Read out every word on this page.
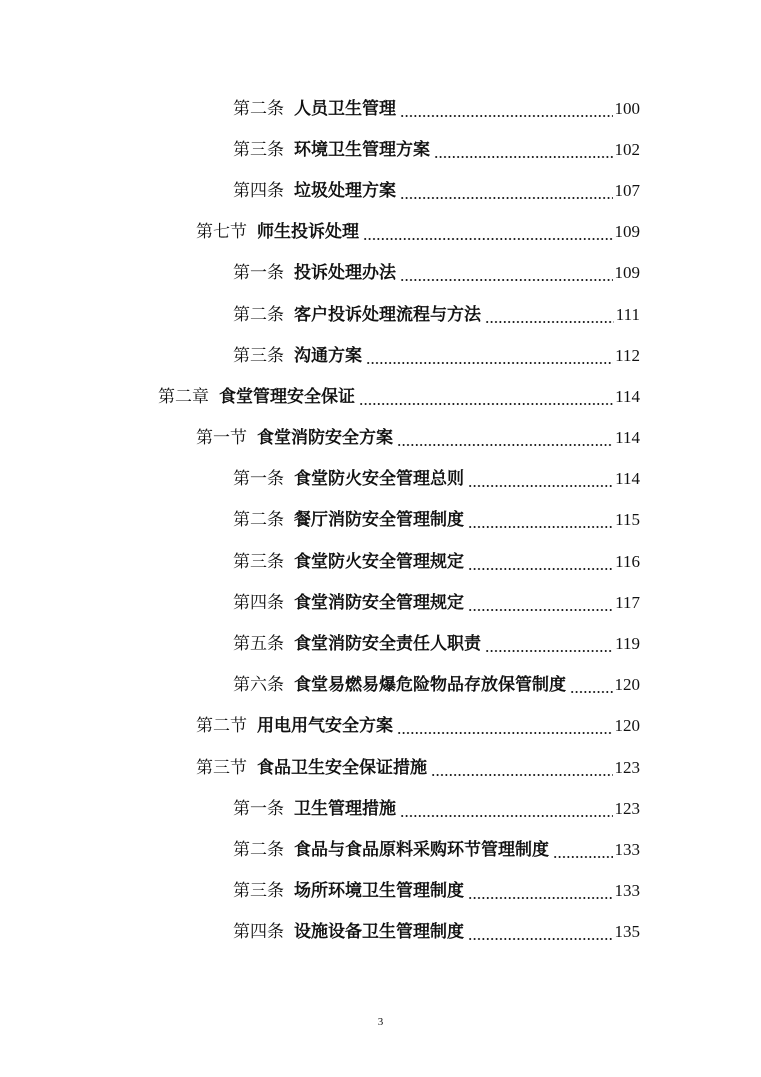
第二条 人员卫生管理	100
第三条 环境卫生管理方案	102
第四条 垃圾处理方案	107
第七节 师生投诉处理	109
第一条 投诉处理办法	109
第二条 客户投诉处理流程与方法	111
第三条 沟通方案	112
第二章 食堂管理安全保证	114
第一节 食堂消防安全方案	114
第一条 食堂防火安全管理总则	114
第二条 餐厅消防安全管理制度	115
第三条 食堂防火安全管理规定	116
第四条 食堂消防安全管理规定	117
第五条 食堂消防安全责任人职责	119
第六条 食堂易燃易爆危险物品存放保管制度	120
第二节 用电用气安全方案	120
第三节 食品卫生安全保证措施	123
第一条 卫生管理措施	123
第二条 食品与食品原料采购环节管理制度	133
第三条 场所环境卫生管理制度	133
第四条 设施设备卫生管理制度	135
3
